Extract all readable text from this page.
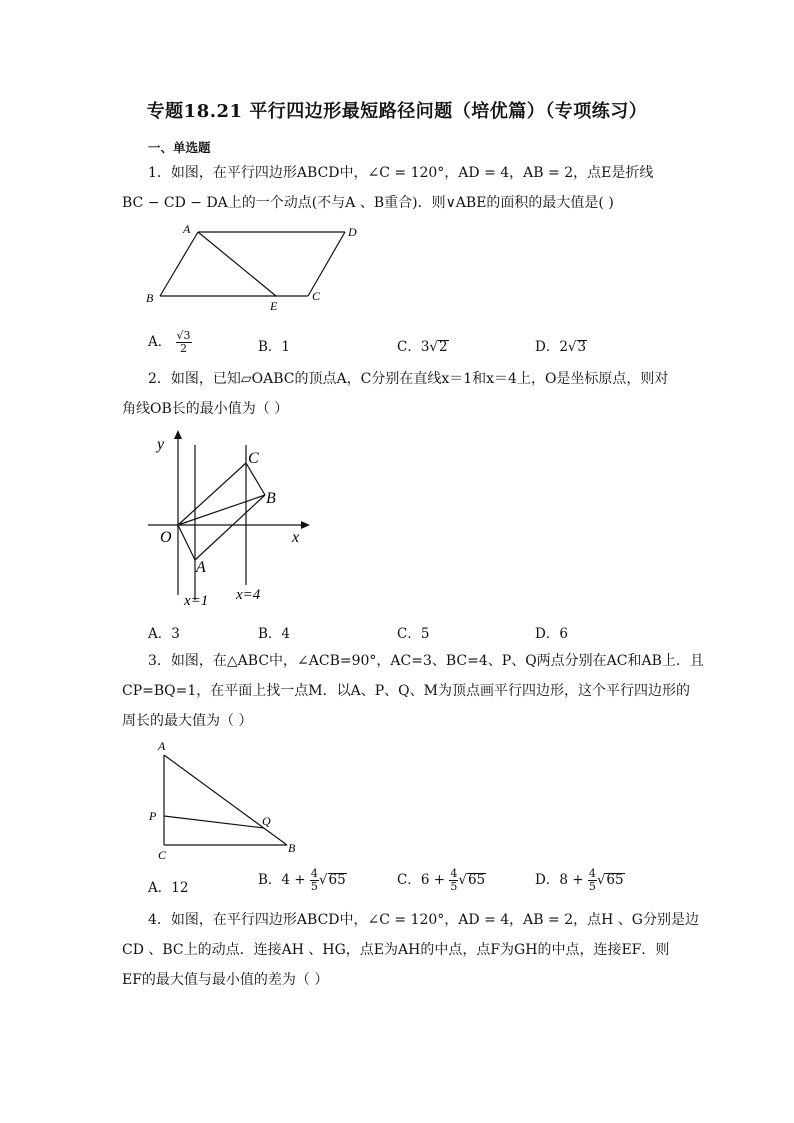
专题18.21 平行四边形最短路径问题（培优篇）（专项练习）
一、单选题
1．如图，在平行四边形ABCD中，∠C = 120°，AD = 4，AB = 2，点E是折线
BC − CD − DA上的一个动点(不与A 、B重合)．则∨ABE的面积的最大值是( )
A	D
B
E
C
A． $\frac{√3}{2}$	B．1	C．3√2	D．2√3
2．如图，已知▱OABC的顶点A，C分别在直线x＝1和x＝4上，O是坐标原点，则对
角线OB长的最小值为（ ）
y
x
O
A
B
C
x=1 x=4
A．3	B．4	C．5	D．6
3．如图，在△ABC中，∠ACB=90°，AC=3、BC=4、P、Q两点分别在AC和AB上．且
CP=BQ=1，在平面上找一点M．以A、P、Q、M为顶点画平行四边形，这个平行四边形的
周长的最大值为（ ）
A
P	Q
C	B
A．12	B．$4 + \frac{4}{5} √65$	C．$6 + \frac{4}{5} √65$	D．$8 + \frac{4}{5} √65$
4．如图，在平行四边形ABCD中，∠C = 120°，AD = 4，AB = 2，点H 、G分别是边
CD 、BC上的动点．连接AH 、HG，点E为AH的中点，点F为GH的中点，连接EF．则
EF的最大值与最小值的差为（ ）
